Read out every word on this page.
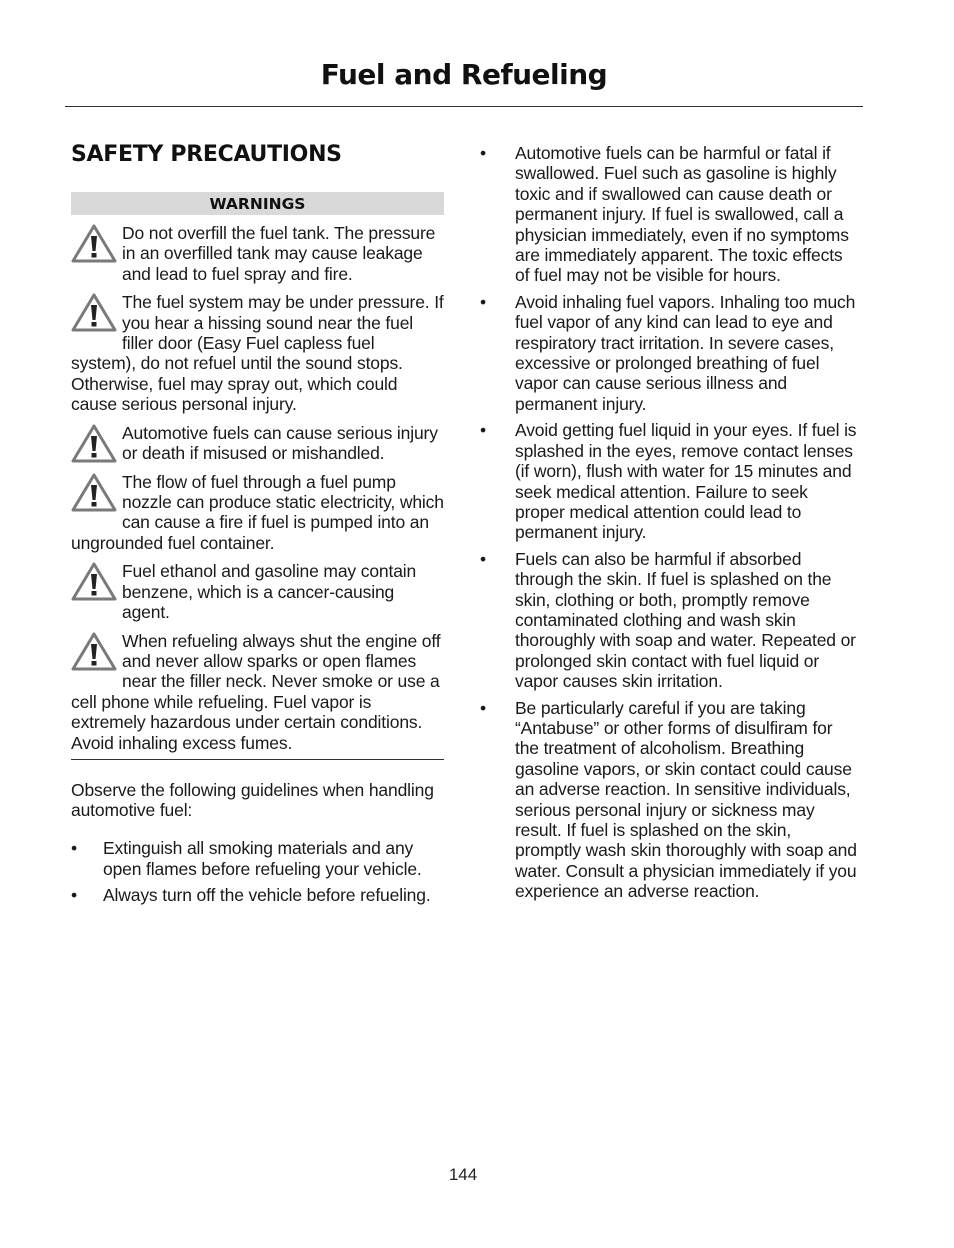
Fuel and Refueling
SAFETY PRECAUTIONS
WARNINGS
Do not overfill the fuel tank. The pressure in an overfilled tank may cause leakage and lead to fuel spray and fire.
The fuel system may be under pressure. If you hear a hissing sound near the fuel filler door (Easy Fuel capless fuel system), do not refuel until the sound stops. Otherwise, fuel may spray out, which could cause serious personal injury.
Automotive fuels can cause serious injury or death if misused or mishandled.
The flow of fuel through a fuel pump nozzle can produce static electricity, which can cause a fire if fuel is pumped into an ungrounded fuel container.
Fuel ethanol and gasoline may contain benzene, which is a cancer-causing agent.
When refueling always shut the engine off and never allow sparks or open flames near the filler neck. Never smoke or use a cell phone while refueling. Fuel vapor is extremely hazardous under certain conditions. Avoid inhaling excess fumes.

Observe the following guidelines when handling automotive fuel:

• Extinguish all smoking materials and any open flames before refueling your vehicle.
• Always turn off the vehicle before refueling.
• Automotive fuels can be harmful or fatal if swallowed. Fuel such as gasoline is highly toxic and if swallowed can cause death or permanent injury. If fuel is swallowed, call a physician immediately, even if no symptoms are immediately apparent. The toxic effects of fuel may not be visible for hours.
• Avoid inhaling fuel vapors. Inhaling too much fuel vapor of any kind can lead to eye and respiratory tract irritation. In severe cases, excessive or prolonged breathing of fuel vapor can cause serious illness and permanent injury.
• Avoid getting fuel liquid in your eyes. If fuel is splashed in the eyes, remove contact lenses (if worn), flush with water for 15 minutes and seek medical attention. Failure to seek proper medical attention could lead to permanent injury.
• Fuels can also be harmful if absorbed through the skin. If fuel is splashed on the skin, clothing or both, promptly remove contaminated clothing and wash skin thoroughly with soap and water. Repeated or prolonged skin contact with fuel liquid or vapor causes skin irritation.
• Be particularly careful if you are taking “Antabuse” or other forms of disulfiram for the treatment of alcoholism. Breathing gasoline vapors, or skin contact could cause an adverse reaction. In sensitive individuals, serious personal injury or sickness may result. If fuel is splashed on the skin, promptly wash skin thoroughly with soap and water. Consult a physician immediately if you experience an adverse reaction.
144
